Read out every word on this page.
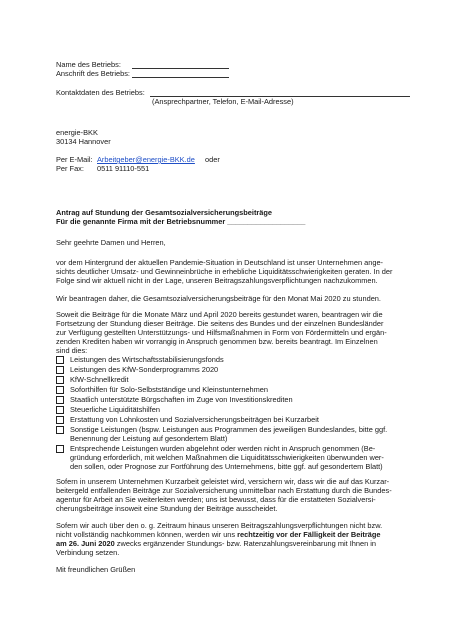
Name des Betriebs:
Anschrift des Betriebs:
Kontaktdaten des Betriebs:
(Ansprechpartner, Telefon, E-Mail-Adresse)
energie-BKK
30134 Hannover
Per E-Mail: Arbeitgeber@energie-BKK.de oder
Per Fax: 0511 91110-551
Antrag auf Stundung der Gesamtsozialversicherungsbeiträge
Für die genannte Firma mit der Betriebsnummer ___________________
Sehr geehrte Damen und Herren,
vor dem Hintergrund der aktuellen Pandemie-Situation in Deutschland ist unser Unternehmen ange-
sichts deutlicher Umsatz- und Gewinneinbrüche in erhebliche Liquiditätsschwierigkeiten geraten. In der
Folge sind wir aktuell nicht in der Lage, unseren Beitragszahlungsverpflichtungen nachzukommen.
Wir beantragen daher, die Gesamtsozialversicherungsbeiträge für den Monat Mai 2020 zu stunden.
Soweit die Beiträge für die Monate März und April 2020 bereits gestundet waren, beantragen wir die
Fortsetzung der Stundung dieser Beiträge. Die seitens des Bundes und der einzelnen Bundesländer
zur Verfügung gestellten Unterstützungs- und Hilfsmaßnahmen in Form von Fördermitteln und ergän-
zenden Krediten haben wir vorrangig in Anspruch genommen bzw. bereits beantragt. Im Einzelnen
sind dies:
Leistungen des Wirtschaftsstabilisierungsfonds
Leistungen des KfW-Sonderprogramms 2020
KfW-Schnellkredit
Soforthilfen für Solo-Selbstständige und Kleinstunternehmen
Staatlich unterstützte Bürgschaften im Zuge von Investitionskrediten
Steuerliche Liquiditätshilfen
Erstattung von Lohnkosten und Sozialversicherungsbeiträgen bei Kurzarbeit
Sonstige Leistungen (bspw. Leistungen aus Programmen des jeweiligen Bundeslandes, bitte ggf.
Benennung der Leistung auf gesondertem Blatt)
Entsprechende Leistungen wurden abgelehnt oder werden nicht in Anspruch genommen (Be-
gründung erforderlich, mit welchen Maßnahmen die Liquiditätsschwierigkeiten überwunden wer-
den sollen, oder Prognose zur Fortführung des Unternehmens, bitte ggf. auf gesondertem Blatt)
Sofern in unserem Unternehmen Kurzarbeit geleistet wird, versichern wir, dass wir die auf das Kurzar-
beitergeld entfallenden Beiträge zur Sozialversicherung unmittelbar nach Erstattung durch die Bundes-
agentur für Arbeit an Sie weiterleiten werden; uns ist bewusst, dass für die erstatteten Sozialversi-
cherungsbeiträge insoweit eine Stundung der Beiträge ausscheidet.
Sofern wir auch über den o. g. Zeitraum hinaus unseren Beitragszahlungsverpflichtungen nicht bzw.
nicht vollständig nachkommen können, werden wir uns rechtzeitig vor der Fälligkeit der Beiträge
am 26. Juni 2020 zwecks ergänzender Stundungs- bzw. Ratenzahlungsvereinbarung mit Ihnen in
Verbindung setzen.
Mit freundlichen Grüßen
